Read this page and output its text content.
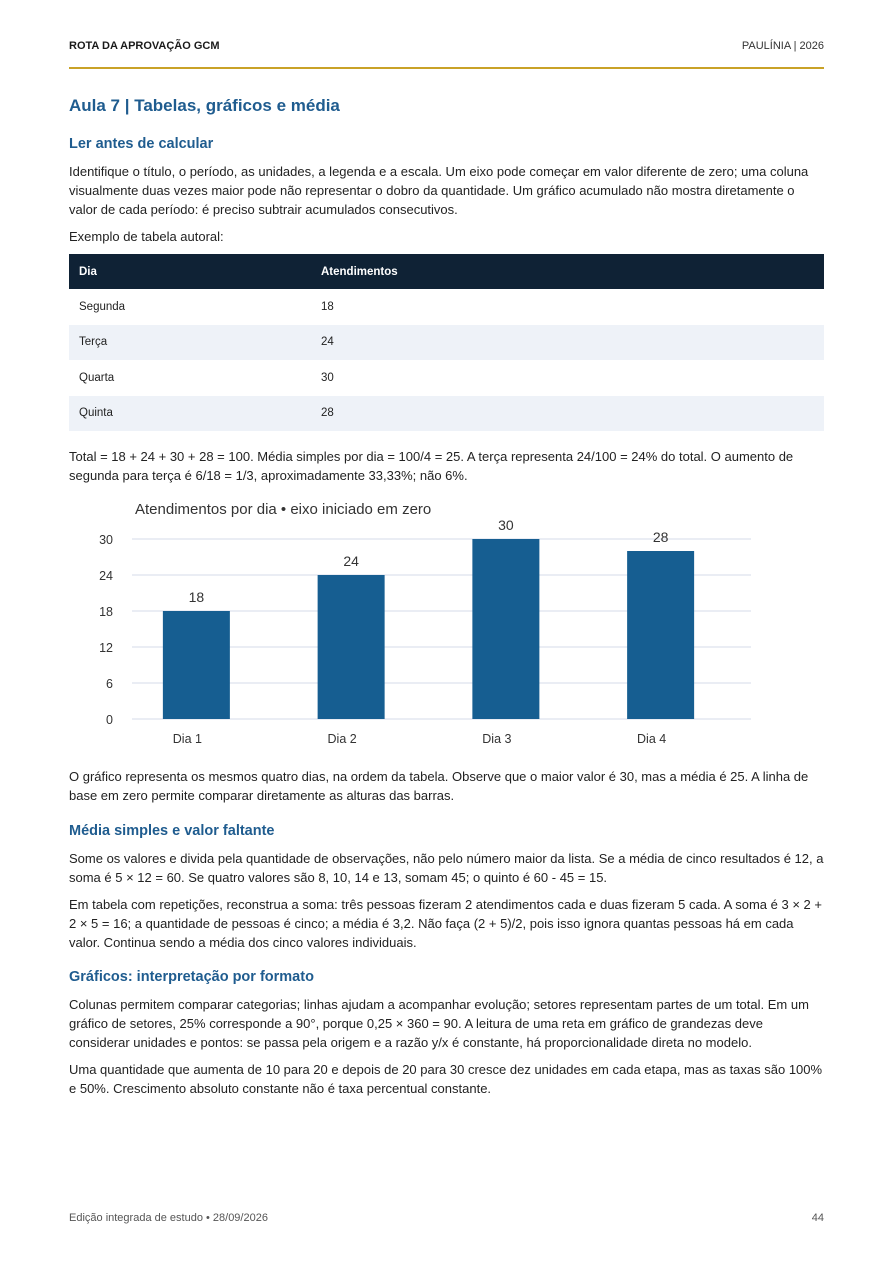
ROTA DA APROVAÇÃO GCM	PAULÍNIA | 2026
Aula 7 | Tabelas, gráficos e média
Ler antes de calcular

Identifique o título, o período, as unidades, a legenda e a escala. Um eixo pode começar em valor diferente de zero; uma coluna visualmente duas vezes maior pode não representar o dobro da quantidade. Um gráfico acumulado não mostra diretamente o valor de cada período: é preciso subtrair acumulados consecutivos.

Exemplo de tabela autoral:

Dia	Atendimentos
Segunda	18
Terça	24
Quarta	30
Quinta	28

Total = 18 + 24 + 30 + 28 = 100. Média simples por dia = 100/4 = 25. A terça representa 24/100 = 24% do total. O aumento de segunda para terça é 6/18 = 1/3, aproximadamente 33,33%; não 6%.

Atendimentos por dia • eixo iniciado em zero
0
6
12
18
24
30
18
Dia 1
24
Dia 2
30
Dia 3
28
Dia 4

O gráfico representa os mesmos quatro dias, na ordem da tabela. Observe que o maior valor é 30, mas a média é 25. A linha de base em zero permite comparar diretamente as alturas das barras.

Média simples e valor faltante

Some os valores e divida pela quantidade de observações, não pelo número maior da lista. Se a média de cinco resultados é 12, a soma é 5 × 12 = 60. Se quatro valores são 8, 10, 14 e 13, somam 45; o quinto é 60 - 45 = 15.

Em tabela com repetições, reconstrua a soma: três pessoas fizeram 2 atendimentos cada e duas fizeram 5 cada. A soma é 3 × 2 + 2 × 5 = 16; a quantidade de pessoas é cinco; a média é 3,2. Não faça (2 + 5)/2, pois isso ignora quantas pessoas há em cada valor. Continua sendo a média dos cinco valores individuais.

Gráficos: interpretação por formato

Colunas permitem comparar categorias; linhas ajudam a acompanhar evolução; setores representam partes de um total. Em um gráfico de setores, 25% corresponde a 90°, porque 0,25 × 360 = 90. A leitura de uma reta em gráfico de grandezas deve considerar unidades e pontos: se passa pela origem e a razão y/x é constante, há proporcionalidade direta no modelo.

Uma quantidade que aumenta de 10 para 20 e depois de 20 para 30 cresce dez unidades em cada etapa, mas as taxas são 100% e 50%. Crescimento absoluto constante não é taxa percentual constante.

Edição integrada de estudo • 28/09/2026	44
